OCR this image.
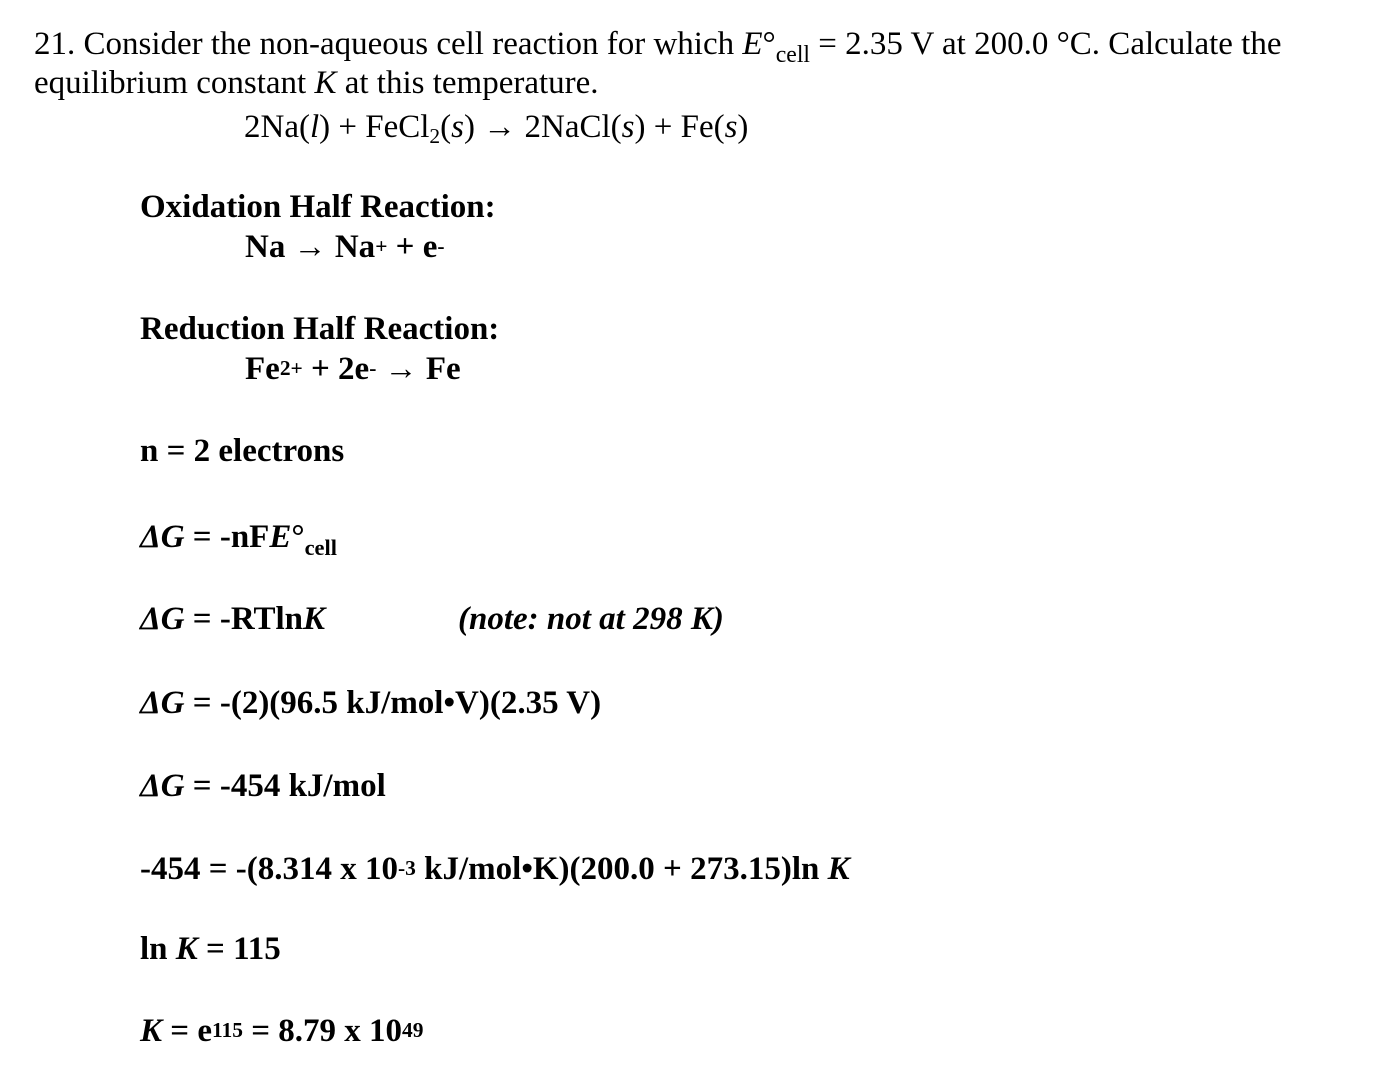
21. Consider the non-aqueous cell reaction for which $E^\circ_{cell} = 2.35$ V at 200.0 °C. Calculate the
equilibrium constant K at this temperature.
2Na(l) + FeCl$_2$(s) → 2NaCl(s) + Fe(s)
Oxidation Half Reaction:
Na → Na+ + e-
Reduction Half Reaction:
$Fe^{2+} + 2e^- \to Fe$
n = 2 electrons
$\Delta G = -nFE^\circ_{cell}$
ΔG = -RTlnK	(note: not at 298 K)
ΔG = -(2)(96.5 kJ/mol•V)(2.35 V)
ΔG = -454 kJ/mol
-454 = -(8.314 x $10^{-3}$ kJ/mol•K)(200.0 + 273.15)ln K
ln K = 115
$K = e^{115} = 8.79$ x $10^{49}$
